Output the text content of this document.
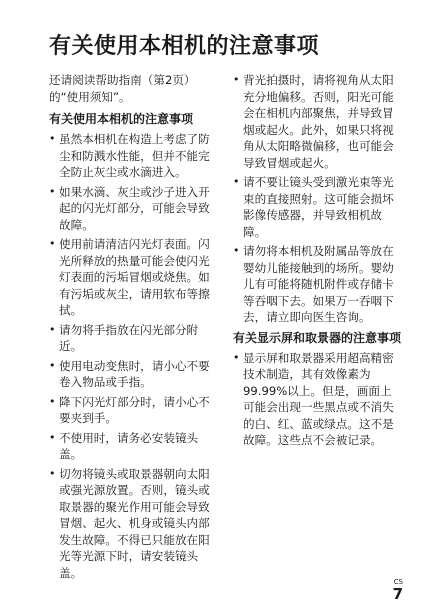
有关使用本相机的注意事项

还请阅读帮助指南（第2页）的“使用须知”。

有关使用本相机的注意事项
• 虽然本相机在构造上考虑了防尘和防溅水性能，但并不能完全防止灰尘或水滴进入。
• 如果水滴、灰尘或沙子进入开起的闪光灯部分，可能会导致故障。
• 使用前请清洁闪光灯表面。闪光所释放的热量可能会使闪光灯表面的污垢冒烟或烧焦。如有污垢或灰尘，请用软布等擦拭。
• 请勿将手指放在闪光部分附近。
• 使用电动变焦时，请小心不要卷入物品或手指。
• 降下闪光灯部分时，请小心不要夹到手。
• 不使用时，请务必安装镜头盖。
• 切勿将镜头或取景器朝向太阳或强光源放置。否则，镜头或取景器的聚光作用可能会导致冒烟、起火、机身或镜头内部发生故障。不得已只能放在阳光等光源下时，请安装镜头盖。
• 背光拍摄时，请将视角从太阳充分地偏移。否则，阳光可能会在相机内部聚焦，并导致冒烟或起火。此外，如果只将视角从太阳略微偏移，也可能会导致冒烟或起火。
• 请不要让镜头受到激光束等光束的直接照射。这可能会损坏影像传感器，并导致相机故障。
• 请勿将本相机及附属品等放在婴幼儿能接触到的场所。婴幼儿有可能将随机附件或存储卡等吞咽下去。如果万一吞咽下去，请立即向医生咨询。
有关显示屏和取景器的注意事项
• 显示屏和取景器采用超高精密技术制造，其有效像素为99.99%以上。但是，画面上可能会出现一些黑点或不消失的白、红、蓝或绿点。这不是故障。这些点不会被记录。
CS
7
